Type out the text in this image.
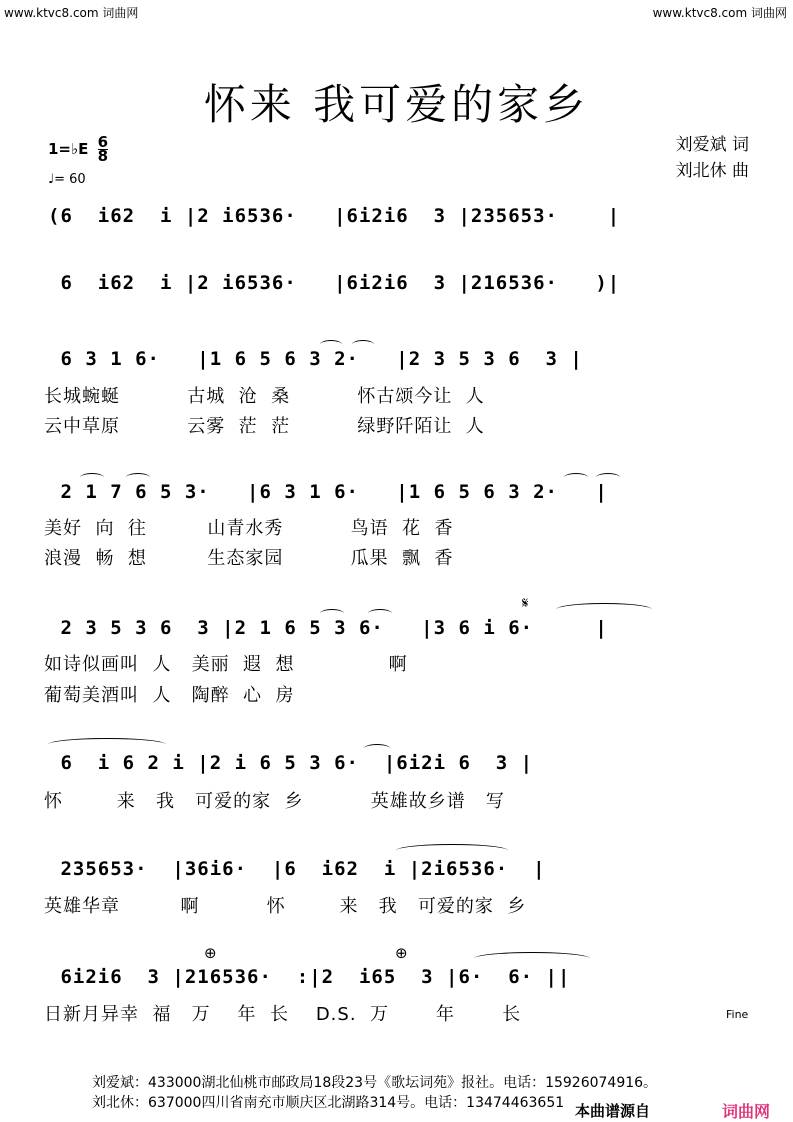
www.ktvc8.com 词曲网	www.ktvc8.com 词曲网
怀来 我可爱的家乡
1=♭E $\frac{6}{8}$
♩= 60
刘爱斌 词
刘北休 曲
(6  i62  i |2 i6536·   |6i2i6  3 |235653·    |
6  i62  i |2 i6536·   |6i2i6  3 |216536·   )|
6 3 1 6·   |1 6 5 6 3 2·   |2 3 5 3 6  3 |
长城蜿蜒          古城  沧  桑          怀古颂今让  人
云中草原          云雾  茫  茫          绿野阡陌让  人
2 1 7 6 5 3·   |6 3 1 6·   |1 6 5 6 3 2·   |
美好  向  往         山青水秀          鸟语  花  香
浪漫  畅  想         生态家园          瓜果  飘  香
𝄋
2 3 5 3 6  3 |2 1 6 5 3 6·   |3 6 i 6·     |
如诗似画叫  人   美丽  遐  想              啊
葡萄美酒叫  人   陶醉  心  房
6  i 6 2 i |2 i 6 5 3 6·  |6i2i 6  3 |
怀        来   我   可爱的家  乡          英雄故乡谱   写
235653·  |36i6·  |6  i62  i |2i6536·  |
英雄华章         啊          怀        来   我   可爱的家  乡
⊕	⊕
6i2i6  3 |216536·  :|2  i65  3 |6·  6· ||
日新月异幸  福   万    年  长    D.S.  万       年       长	Fine
刘爱斌：433000湖北仙桃市邮政局18段23号《歌坛词苑》报社。电话：15926074916。
刘北休：637000四川省南充市顺庆区北湖路314号。电话：13474463651 本曲谱源自	词曲网
